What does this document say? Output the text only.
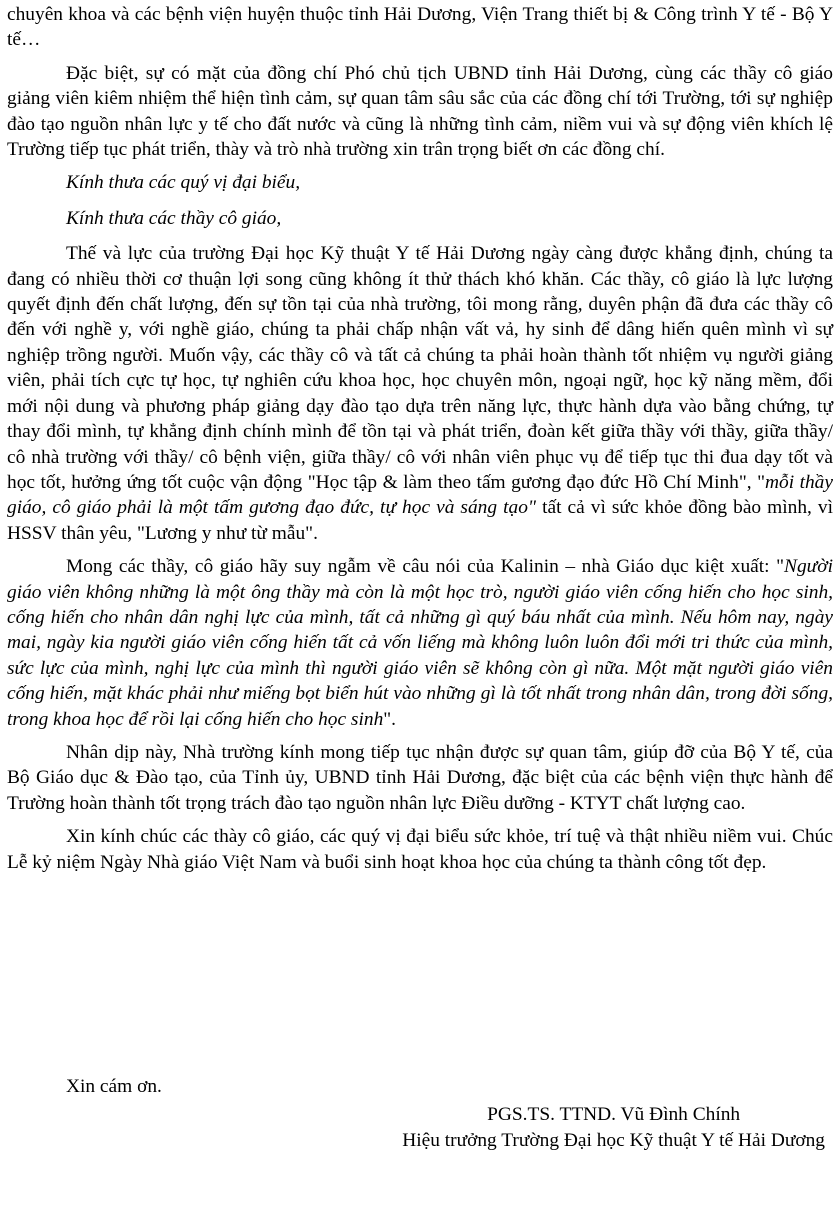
chuyên khoa và các bệnh viện huyện thuộc tỉnh Hải Dương, Viện Trang thiết bị & Công trình Y tế - Bộ Y tế…

Đặc biệt, sự có mặt của đồng chí Phó chủ tịch UBND tỉnh Hải Dương, cùng các thầy cô giáo giảng viên kiêm nhiệm thể hiện tình cảm, sự quan tâm sâu sắc của các đồng chí tới Trường, tới sự nghiệp đào tạo nguồn nhân lực y tế cho đất nước và cũng là những tình cảm, niềm vui và sự động viên khích lệ Trường tiếp tục phát triển, thày và trò nhà trường xin trân trọng biết ơn các đồng chí.

Kính thưa các quý vị đại biểu,

Kính thưa các thầy cô giáo,

Thế và lực của trường Đại học Kỹ thuật Y tế Hải Dương ngày càng được khẳng định, chúng ta đang có nhiều thời cơ thuận lợi song cũng không ít thử thách khó khăn. Các thầy, cô giáo là lực lượng quyết định đến chất lượng, đến sự tồn tại của nhà trường, tôi mong rằng, duyên phận đã đưa các thầy cô đến với nghề y, với nghề giáo, chúng ta phải chấp nhận vất vả, hy sinh để dâng hiến quên mình vì sự nghiệp trồng người. Muốn vậy, các thầy cô và tất cả chúng ta phải hoàn thành tốt nhiệm vụ người giảng viên, phải tích cực tự học, tự nghiên cứu khoa học, học chuyên môn, ngoại ngữ, học kỹ năng mềm, đổi mới nội dung và phương pháp giảng dạy đào tạo dựa trên năng lực, thực hành dựa vào bằng chứng, tự thay đổi mình, tự khẳng định chính mình để tồn tại và phát triển, đoàn kết giữa thầy với thầy, giữa thầy/ cô nhà trường với thầy/ cô bệnh viện, giữa thầy/ cô với nhân viên phục vụ để tiếp tục thi đua dạy tốt và học tốt, hưởng ứng tốt cuộc vận động "Học tập & làm theo tấm gương đạo đức Hồ Chí Minh", "mỗi thầy giáo, cô giáo phải là một tấm gương đạo đức, tự học và sáng tạo" tất cả vì sức khỏe đồng bào mình, vì HSSV thân yêu, "Lương y như từ mẫu".

Mong các thầy, cô giáo hãy suy ngẫm về câu nói của Kalinin – nhà Giáo dục kiệt xuất: "Người giáo viên không những là một ông thầy mà còn là một học trò, người giáo viên cống hiến cho học sinh, cống hiến cho nhân dân nghị lực của mình, tất cả những gì quý báu nhất của mình. Nếu hôm nay, ngày mai, ngày kia người giáo viên cống hiến tất cả vốn liếng mà không luôn luôn đổi mới tri thức của mình, sức lực của mình, nghị lực của mình thì người giáo viên sẽ không còn gì nữa. Một mặt người giáo viên cống hiến, mặt khác phải như miếng bọt biển hút vào những gì là tốt nhất trong nhân dân, trong đời sống, trong khoa học để rồi lại cống hiến cho học sinh".

Nhân dịp này, Nhà trường kính mong tiếp tục nhận được sự quan tâm, giúp đỡ của Bộ Y tế, của Bộ Giáo dục & Đào tạo, của Tỉnh ủy, UBND tỉnh Hải Dương, đặc biệt của các bệnh viện thực hành để Trường hoàn thành tốt trọng trách đào tạo nguồn nhân lực Điều dưỡng - KTYT chất lượng cao.

Xin kính chúc các thày cô giáo, các quý vị đại biểu sức khỏe, trí tuệ và thật nhiều niềm vui. Chúc Lễ kỷ niệm Ngày Nhà giáo Việt Nam và buổi sinh hoạt khoa học của chúng ta thành công tốt đẹp.

Xin cám ơn.
PGS.TS. TTND. Vũ Đình Chính
Hiệu trưởng Trường Đại học Kỹ thuật Y tế Hải Dương
